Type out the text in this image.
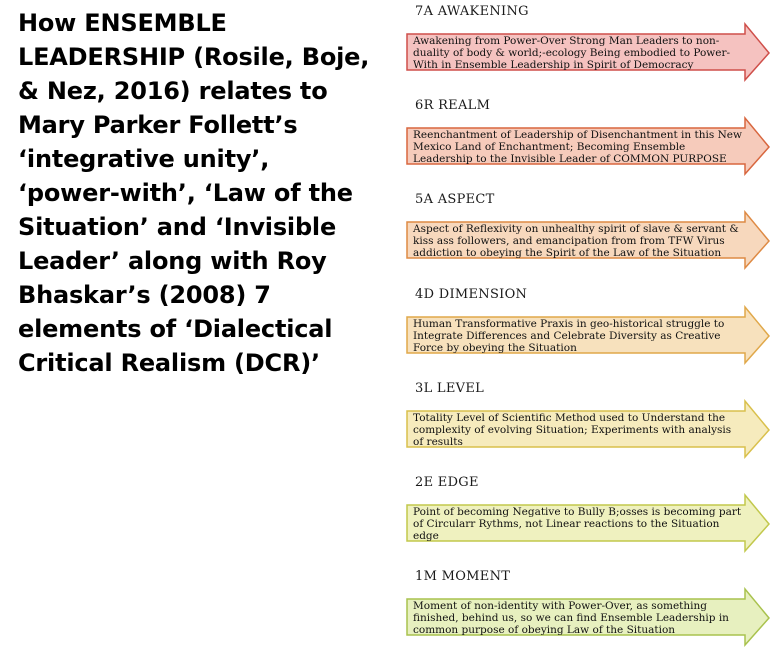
How ENSEMBLE LEADERSHIP (Rosile, Boje, & Nez, 2016) relates to Mary Parker Follett’s ‘integrative unity’, ‘power-with’, ‘Law of the Situation’ and ‘Invisible Leader’ along with Roy Bhaskar’s (2008) 7 elements of ‘Dialectical Critical Realism (DCR)’
7A AWAKENING

Awakening from Power-Over Strong Man Leaders to non-duality of body & world;-ecology Being embodied to Power-With in Ensemble Leadership in Spirit of Democracy

6R REALM

Reenchantment of Leadership of Disenchantment in this New Mexico Land of Enchantment; Becoming Ensemble Leadership to the Invisible Leader of COMMON PURPOSE

5A ASPECT

Aspect of Reflexivity on unhealthy spirit of slave & servant & kiss ass followers, and emancipation from from TFW Virus addiction to obeying the Spirit of the Law of the Situation

4D DIMENSION

Human Transformative Praxis in geo-historical struggle to Integrate Differences and Celebrate Diversity as Creative Force by obeying the Situation

3L LEVEL

Totality Level of Scientific Method used to Understand the complexity of evolving Situation; Experiments with analysis of results

2E EDGE

Point of becoming Negative to Bully B;osses is becoming part of Circularr Rythms, not Linear reactions to the Situation edge

1M MOMENT

Moment of non-identity with Power-Over, as something finished, behind us, so we can find Ensemble Leadership in common purpose of obeying Law of the Situation
